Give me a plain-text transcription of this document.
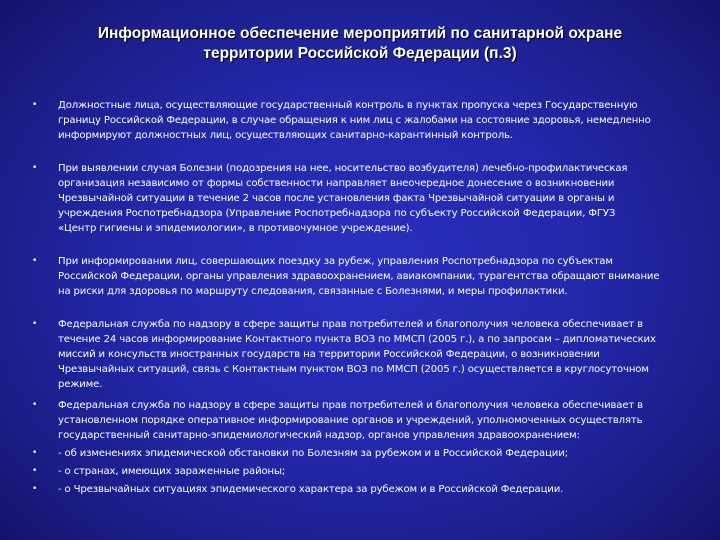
Информационное обеспечение мероприятий по санитарной охране
территории Российской Федерации (п.3)
• Должностные лица, осуществляющие государственный контроль в пунктах пропуска через Государственную
границу Российской Федерации, в случае обращения к ним лиц с жалобами на состояние здоровья, немедленно
информируют должностных лиц, осуществляющих санитарно-карантинный контроль.
• При выявлении случая Болезни (подозрения на нее, носительство возбудителя) лечебно-профилактическая
организация независимо от формы собственности направляет внеочередное донесение о возникновении
Чрезвычайной ситуации в течение 2 часов после установления факта Чрезвычайной ситуации в органы и
учреждения Роспотребнадзора (Управление Роспотребнадзора по субъекту Российской Федерации, ФГУЗ
«Центр гигиены и эпидемиологии», в противочумное учреждение).
• При информировании лиц, совершающих поездку за рубеж, управления Роспотребнадзора по субъектам
Российской Федерации, органы управления здравоохранением, авиакомпании, турагентства обращают внимание
на риски для здоровья по маршруту следования, связанные с Болезнями, и меры профилактики.
• Федеральная служба по надзору в сфере защиты прав потребителей и благополучия человека обеспечивает в
течение 24 часов информирование Контактного пункта ВОЗ по ММСП (2005 г.), а по запросам – дипломатических
миссий и консульств иностранных государств на территории Российской Федерации, о возникновении
Чрезвычайных ситуаций, связь с Контактным пунктом ВОЗ по ММСП (2005 г.) осуществляется в круглосуточном
режиме.
• Федеральная служба по надзору в сфере защиты прав потребителей и благополучия человека обеспечивает в
установленном порядке оперативное информирование органов и учреждений, уполномоченных осуществлять
государственный санитарно-эпидемиологический надзор, органов управления здравоохранением:
• - об изменениях эпидемической обстановки по Болезням за рубежом и в Российской Федерации;
• - о странах, имеющих зараженные районы;
• - о Чрезвычайных ситуациях эпидемического характера за рубежом и в Российской Федерации.
